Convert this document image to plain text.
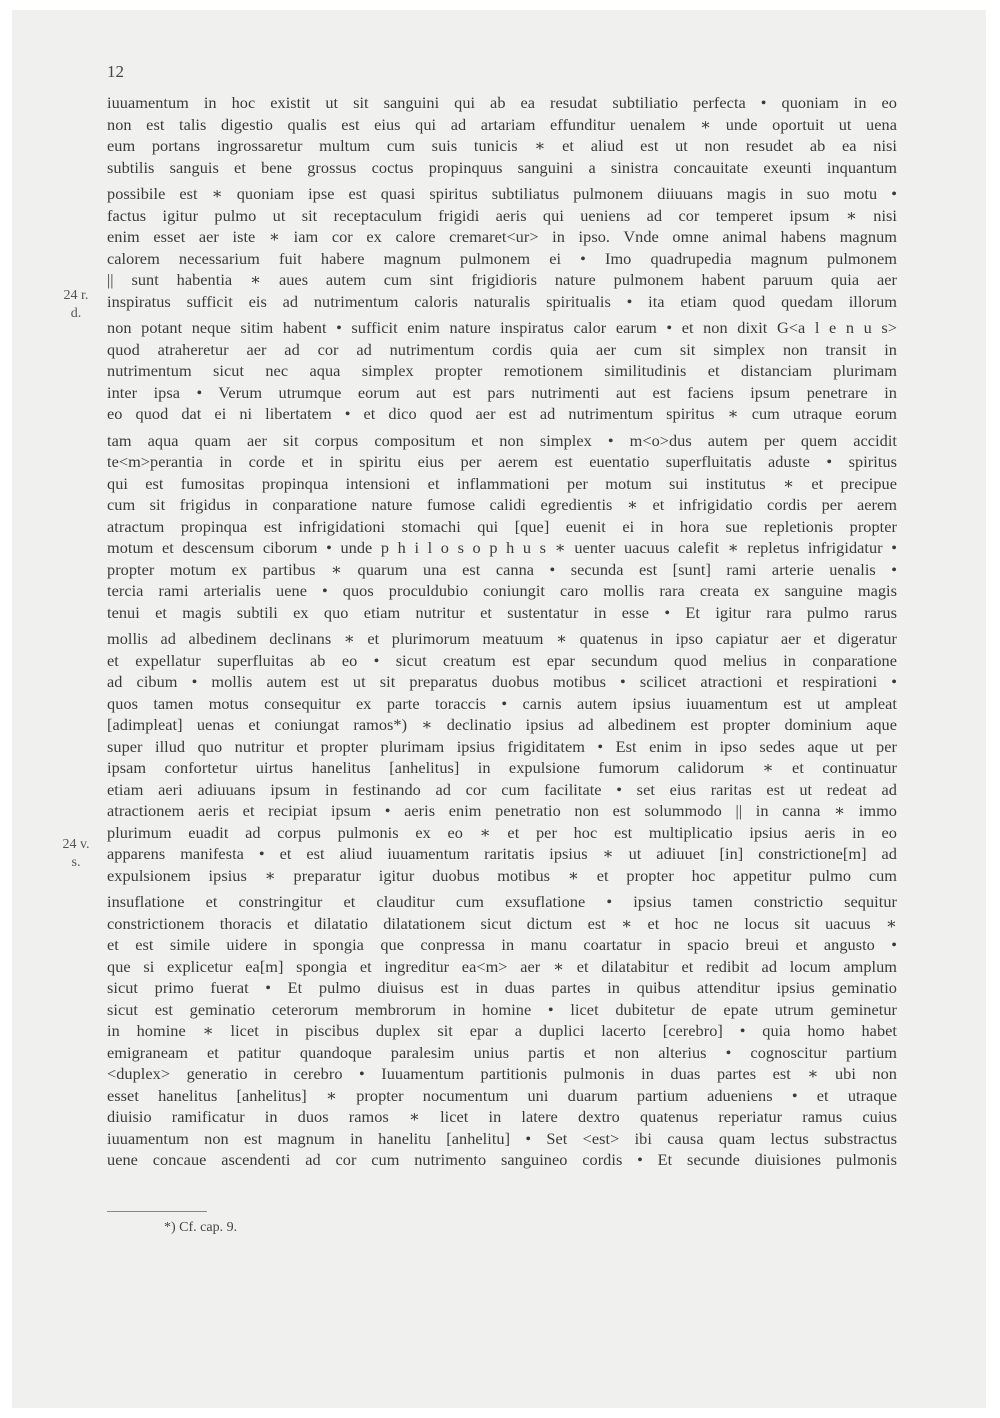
12
24 r.
d.
24 v.
s.
iuuamentum in hoc existit ut sit sanguini qui ab ea resudat subtiliatio perfecta • quoniam in eo
non est talis digestio qualis est eius qui ad artariam effunditur uenalem ∗ unde oportuit ut uena
eum portans ingrossaretur multum cum suis tunicis ∗ et aliud est ut non resudet ab ea nisi
subtilis sanguis et bene grossus coctus propinquus sanguini a sinistra concauitate exeunti inquantum
possibile est ∗ quoniam ipse est quasi spiritus subtiliatus pulmonem diiuuans magis in suo motu •
factus igitur pulmo ut sit receptaculum frigidi aeris qui ueniens ad cor temperet ipsum ∗ nisi
enim esset aer iste ∗ iam cor ex calore cremaret<ur> in ipso. Vnde omne animal habens magnum
calorem necessarium fuit habere magnum pulmonem ei • Imo quadrupedia magnum pulmonem
|| sunt habentia ∗ aues autem cum sint frigidioris nature pulmonem habent paruum quia aer
inspiratus sufficit eis ad nutrimentum caloris naturalis spiritualis • ita etiam quod quedam illorum
non potant neque sitim habent • sufficit enim nature inspiratus calor earum • et non dixit G<a l e n u s>
quod atraheretur aer ad cor ad nutrimentum cordis quia aer cum sit simplex non transit in
nutrimentum sicut nec aqua simplex propter remotionem similitudinis et distanciam plurimam
inter ipsa • Verum utrumque eorum aut est pars nutrimenti aut est faciens ipsum penetrare in
eo quod dat ei ni libertatem • et dico quod aer est ad nutrimentum spiritus ∗ cum utraque eorum
tam aqua quam aer sit corpus compositum et non simplex • m<o>dus autem per quem accidit
te<m>perantia in corde et in spiritu eius per aerem est euentatio superfluitatis aduste • spiritus
qui est fumositas propinqua intensioni et inflammationi per motum sui institutus ∗ et precipue
cum sit frigidus in conparatione nature fumose calidi egredientis ∗ et infrigidatio cordis per aerem
atractum propinqua est infrigidationi stomachi qui [que] euenit ei in hora sue repletionis propter
motum et descensum ciborum • unde p h i l o s o p h u s ∗ uenter uacuus calefit ∗ repletus infrigidatur •
propter motum ex partibus ∗ quarum una est canna • secunda est [sunt] rami arterie uenalis •
tercia rami arterialis uene • quos proculdubio coniungit caro mollis rara creata ex sanguine magis
tenui et magis subtili ex quo etiam nutritur et sustentatur in esse • Et igitur rara pulmo rarus
mollis ad albedinem declinans ∗ et plurimorum meatuum ∗ quatenus in ipso capiatur aer et digeratur
et expellatur superfluitas ab eo • sicut creatum est epar secundum quod melius in conparatione
ad cibum • mollis autem est ut sit preparatus duobus motibus • scilicet atractioni et respirationi •
quos tamen motus consequitur ex parte toraccis • carnis autem ipsius iuuamentum est ut ampleat
[adimpleat] uenas et coniungat ramos*) ∗ declinatio ipsius ad albedinem est propter dominium aque
super illud quo nutritur et propter plurimam ipsius frigiditatem • Est enim in ipso sedes aque ut per
ipsam confortetur uirtus hanelitus [anhelitus] in expulsione fumorum calidorum ∗ et continuatur
etiam aeri adiuuans ipsum in festinando ad cor cum facilitate • set eius raritas est ut redeat ad
atractionem aeris et recipiat ipsum • aeris enim penetratio non est solummodo || in canna ∗ immo
plurimum euadit ad corpus pulmonis ex eo ∗ et per hoc est multiplicatio ipsius aeris in eo
apparens manifesta • et est aliud iuuamentum raritatis ipsius ∗ ut adiuuet [in] constrictione[m] ad
expulsionem ipsius ∗ preparatur igitur duobus motibus ∗ et propter hoc appetitur pulmo cum
insuflatione et constringitur et clauditur cum exsuflatione • ipsius tamen constrictio sequitur
constrictionem thoracis et dilatatio dilatationem sicut dictum est ∗ et hoc ne locus sit uacuus ∗
et est simile uidere in spongia que conpressa in manu coartatur in spacio breui et angusto •
que si explicetur ea[m] spongia et ingreditur ea<m> aer ∗ et dilatabitur et redibit ad locum amplum
sicut primo fuerat • Et pulmo diuisus est in duas partes in quibus attenditur ipsius geminatio
sicut est geminatio ceterorum membrorum in homine • licet dubitetur de epate utrum geminetur
in homine ∗ licet in piscibus duplex sit epar a duplici lacerto [cerebro] • quia homo habet
emigraneam et patitur quandoque paralesim unius partis et non alterius • cognoscitur partium
<duplex> generatio in cerebro • Iuuamentum partitionis pulmonis in duas partes est ∗ ubi non
esset hanelitus [anhelitus] ∗ propter nocumentum uni duarum partium adueniens • et utraque
diuisio ramificatur in duos ramos ∗ licet in latere dextro quatenus reperiatur ramus cuius
iuuamentum non est magnum in hanelitu [anhelitu] • Set <est> ibi causa quam lectus substractus
uene concaue ascendenti ad cor cum nutrimento sanguineo cordis • Et secunde diuisiones pulmonis
*) Cf. cap. 9.
